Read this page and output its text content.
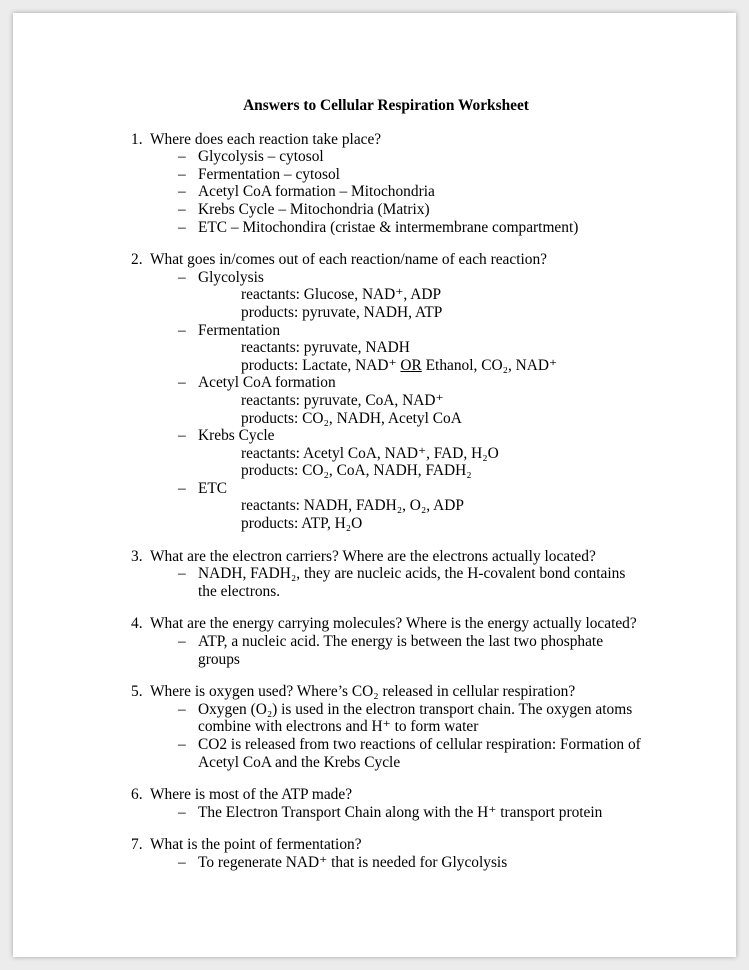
Answers to Cellular Respiration Worksheet
1. Where does each reaction take place?
– Glycolysis – cytosol
– Fermentation – cytosol
– Acetyl CoA formation – Mitochondria
– Krebs Cycle – Mitochondria (Matrix)
– ETC – Mitochondira (cristae & intermembrane compartment)
2. What goes in/comes out of each reaction/name of each reaction?
– Glycolysis
reactants: Glucose, NAD⁺, ADP
products: pyruvate, NADH, ATP
– Fermentation
reactants: pyruvate, NADH
products: Lactate, NAD⁺ OR Ethanol, CO₂, NAD⁺
– Acetyl CoA formation
reactants: pyruvate, CoA, NAD⁺
products: CO₂, NADH, Acetyl CoA
– Krebs Cycle
reactants: Acetyl CoA, NAD⁺, FAD, H₂O
products: CO₂, CoA, NADH, FADH₂
– ETC
reactants: NADH, FADH₂, O₂, ADP
products: ATP, H₂O
3. What are the electron carriers? Where are the electrons actually located?
– NADH, FADH₂, they are nucleic acids, the H-covalent bond contains the electrons.
4. What are the energy carrying molecules? Where is the energy actually located?
– ATP, a nucleic acid. The energy is between the last two phosphate groups
5. Where is oxygen used? Where’s CO₂ released in cellular respiration?
– Oxygen (O₂) is used in the electron transport chain. The oxygen atoms combine with electrons and H⁺ to form water
– CO2 is released from two reactions of cellular respiration: Formation of Acetyl CoA and the Krebs Cycle
6. Where is most of the ATP made?
– The Electron Transport Chain along with the H⁺ transport protein
7. What is the point of fermentation?
– To regenerate NAD⁺ that is needed for Glycolysis
